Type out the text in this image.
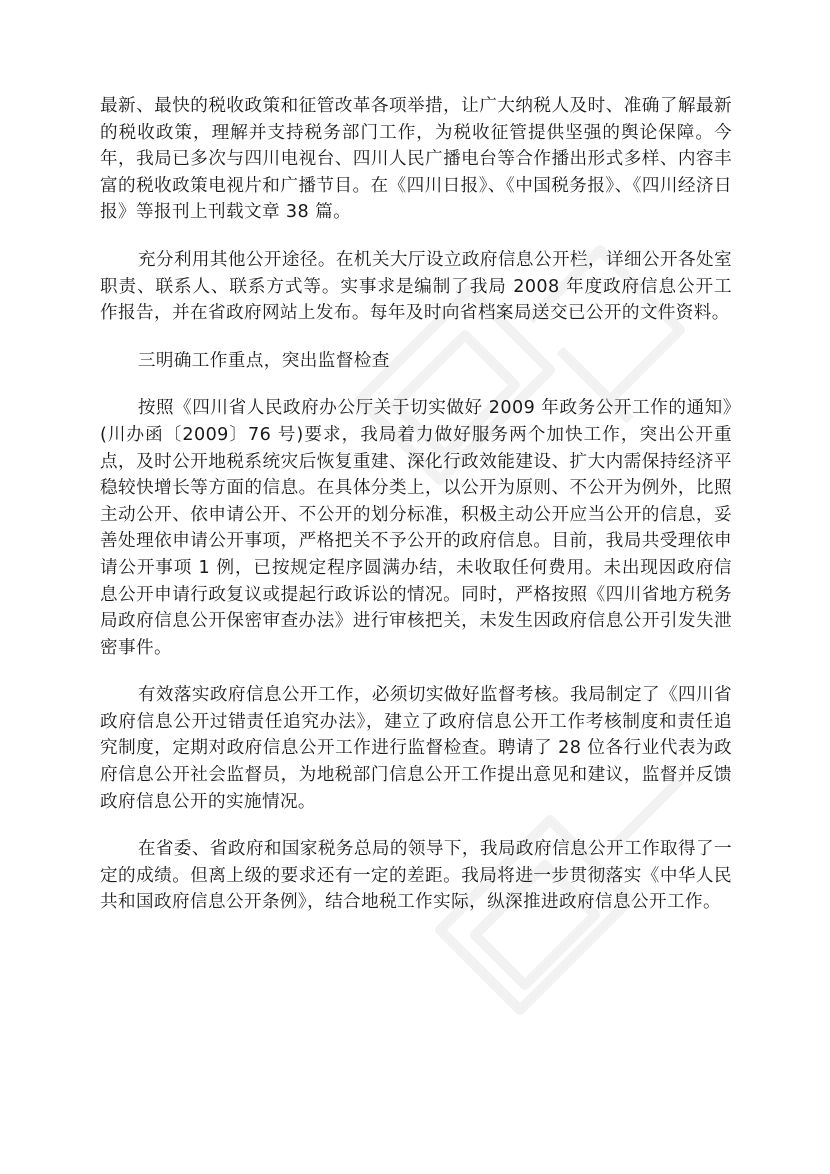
最新、最快的税收政策和征管改革各项举措，让广大纳税人及时、准确了解最新的税收政策，理解并支持税务部门工作，为税收征管提供坚强的舆论保障。今年，我局已多次与四川电视台、四川人民广播电台等合作播出形式多样、内容丰富的税收政策电视片和广播节目。在《四川日报》、《中国税务报》、《四川经济日报》等报刊上刊载文章 38 篇。

充分利用其他公开途径。在机关大厅设立政府信息公开栏，详细公开各处室职责、联系人、联系方式等。实事求是编制了我局 2008 年度政府信息公开工作报告，并在省政府网站上发布。每年及时向省档案局送交已公开的文件资料。

三明确工作重点，突出监督检查

按照《四川省人民政府办公厅关于切实做好 2009 年政务公开工作的通知》(川办函〔2009〕76 号)要求，我局着力做好服务两个加快工作，突出公开重点，及时公开地税系统灾后恢复重建、深化行政效能建设、扩大内需保持经济平稳较快增长等方面的信息。在具体分类上，以公开为原则、不公开为例外，比照主动公开、依申请公开、不公开的划分标准，积极主动公开应当公开的信息，妥善处理依申请公开事项，严格把关不予公开的政府信息。目前，我局共受理依申请公开事项 1 例，已按规定程序圆满办结，未收取任何费用。未出现因政府信息公开申请行政复议或提起行政诉讼的情况。同时，严格按照《四川省地方税务局政府信息公开保密审查办法》进行审核把关，未发生因政府信息公开引发失泄密事件。

有效落实政府信息公开工作，必须切实做好监督考核。我局制定了《四川省政府信息公开过错责任追究办法》，建立了政府信息公开工作考核制度和责任追究制度，定期对政府信息公开工作进行监督检查。聘请了 28 位各行业代表为政府信息公开社会监督员，为地税部门信息公开工作提出意见和建议，监督并反馈政府信息公开的实施情况。

在省委、省政府和国家税务总局的领导下，我局政府信息公开工作取得了一定的成绩。但离上级的要求还有一定的差距。我局将进一步贯彻落实《中华人民共和国政府信息公开条例》，结合地税工作实际，纵深推进政府信息公开工作。
